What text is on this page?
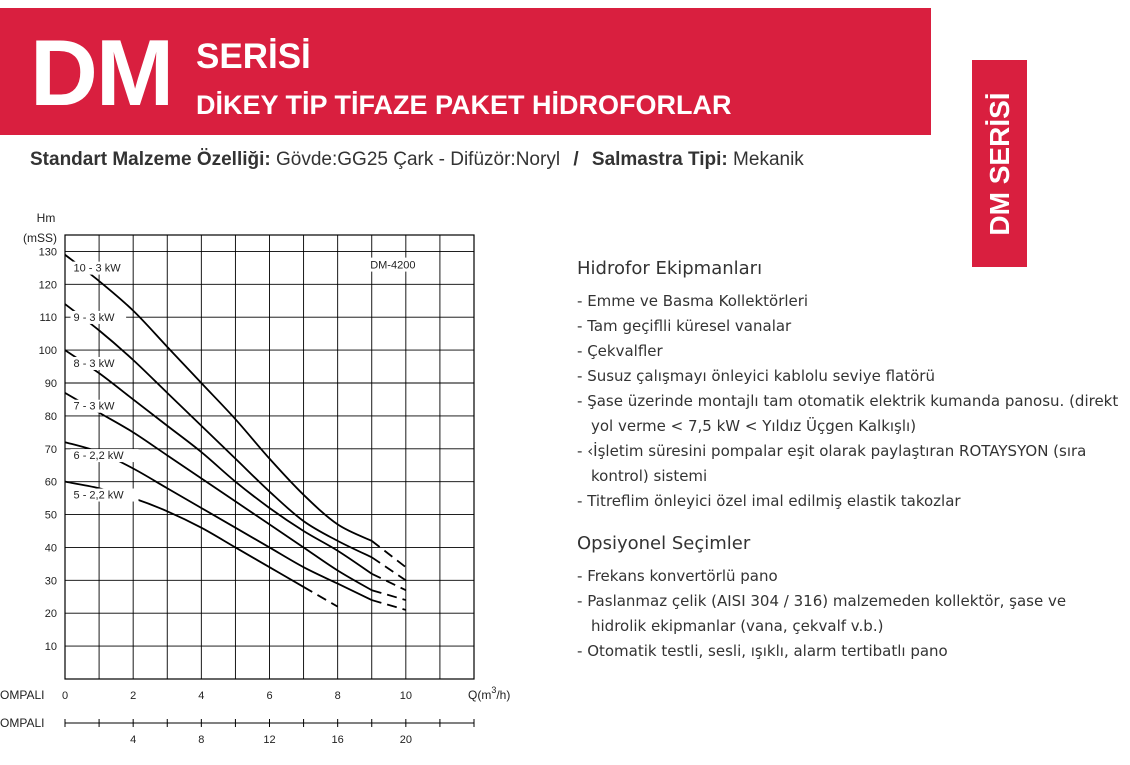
DM SERİSİ
DİKEY TİP TİFAZE PAKET HİDROFORLAR	DM SERİSİ
Standart Malzeme Özelliği: Gövde:GG25 Çark - Difüzör:Noryl / Salmastra Tipi: Mekanik
10
20
30
40
50
60
70
80
90
100
110
120
130
Hm
(mSS)
0	2	4	6	8	10	$Q(m^3/h)$
OMPALI
OMPALI
4	8	12	16	20
10 - 3 kW
9 - 3 kW
8 - 3 kW
7 - 3 kW
6 - 2,2 kW
5 - 2,2 kW
DM-4200	Hidrofor Ekipmanları
- Emme ve Basma Kollektörleri
- Tam geçiflli küresel vanalar
- Çekvalfler
- Susuz çalışmayı önleyici kablolu seviye flatörü
- Şase üzerinde montajlı tam otomatik elektrik kumanda panosu. (direkt yol verme < 7,5 kW < Yıldız Üçgen Kalkışlı)
- ‹İşletim süresini pompalar eşit olarak paylaştıran ROTAYSYON (sıra kontrol) sistemi
- Titreflim önleyici özel imal edilmiş elastik takozlar
Opsiyonel Seçimler
- Frekans konvertörlü pano
- Paslanmaz çelik (AISI 304 / 316) malzemeden kollektör, şase ve hidrolik ekipmanlar (vana, çekvalf v.b.)
- Otomatik testli, sesli, ışıklı, alarm tertibatlı pano
